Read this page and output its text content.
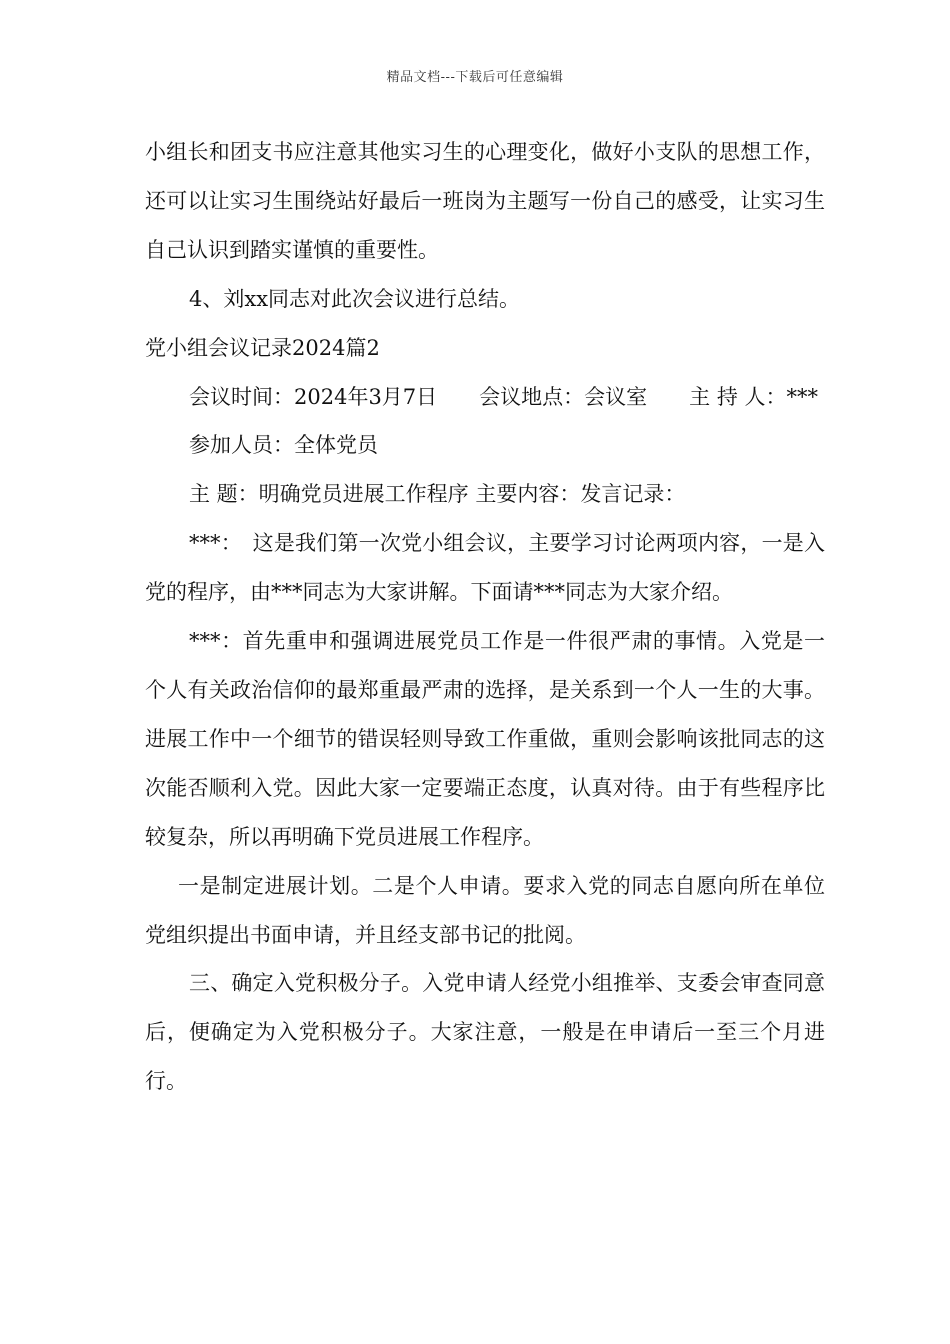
精品文档---下载后可任意编辑

小组长和团支书应注意其他实习生的心理变化，做好小支队的思想工作，还可以让实习生围绕站好最后一班岗为主题写一份自己的感受，让实习生自己认识到踏实谨慎的重要性。

4、刘xx同志对此次会议进行总结。

党小组会议记录2024篇2

会议时间：2024年3月7日　　会议地点：会议室　　主 持 人：***

参加人员：全体党员

主 题：明确党员进展工作程序 主要内容：发言记录：

***：　这是我们第一次党小组会议，主要学习讨论两项内容，一是入党的程序，由***同志为大家讲解。下面请***同志为大家介绍。

***：首先重申和强调进展党员工作是一件很严肃的事情。入党是一个人有关政治信仰的最郑重最严肃的选择，是关系到一个人一生的大事。进展工作中一个细节的错误轻则导致工作重做，重则会影响该批同志的这次能否顺利入党。因此大家一定要端正态度，认真对待。由于有些程序比较复杂，所以再明确下党员进展工作程序。

一是制定进展计划。二是个人申请。要求入党的同志自愿向所在单位党组织提出书面申请，并且经支部书记的批阅。

三、确定入党积极分子。入党申请人经党小组推举、支委会审查同意后，便确定为入党积极分子。大家注意，一般是在申请后一至三个月进行。
